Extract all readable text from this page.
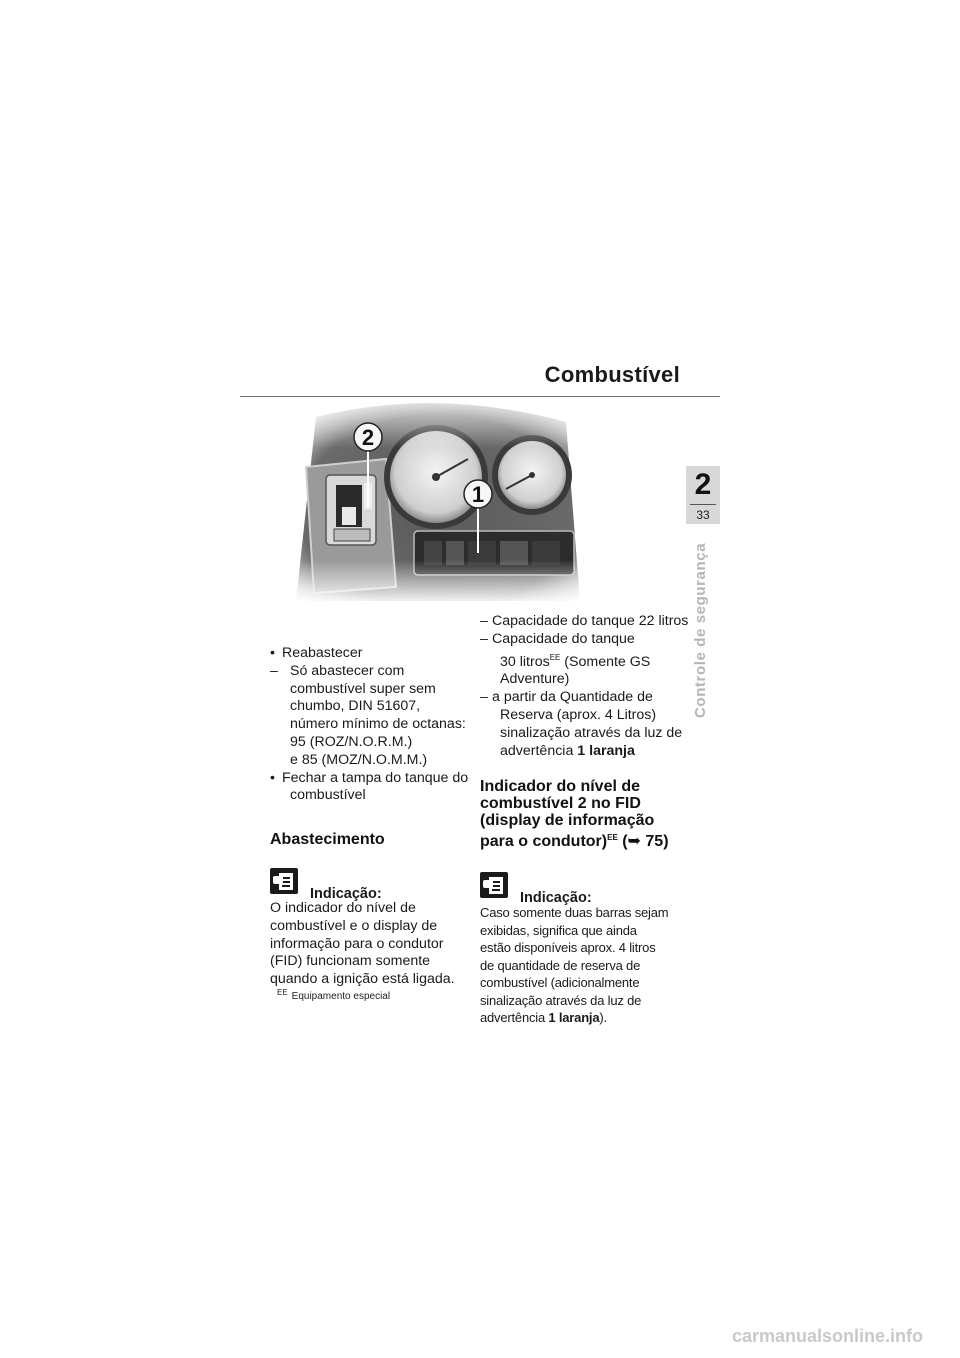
Combustível
2
33
Controle de segurança
2
1
• Reabastecer
– Só abastecer com
combustível super sem
chumbo, DIN 51607,
número mínimo de octanas:
95 (ROZ/N.O.R.M.)
e 85 (MOZ/N.O.M.M.)
• Fechar a tampa do tanque do
combustível
Abastecimento
Indicação:
O indicador do nível de
combustível e o display de
informação para o condutor
(FID) funcionam somente
quando a ignição está ligada.
$^{EE}$ Equipamento especial
– Capacidade do tanque 22 litros
– Capacidade do tanque
30 litros$^{EE}$ (Somente GS
Adventure)
– a partir da Quantidade de
Reserva (aprox. 4 Litros)
sinalização através da luz de
advertência 1 laranja
Indicador do nível de
combustível 2 no FID
(display de informação
para o condutor)$^{EE}$ (➥ 75)
Indicação:
Caso somente duas barras sejam
exibidas, significa que ainda
estão disponíveis aprox. 4 litros
de quantidade de reserva de
combustível (adicionalmente
sinalização através da luz de
advertência 1 laranja).
carmanualsonline.info
